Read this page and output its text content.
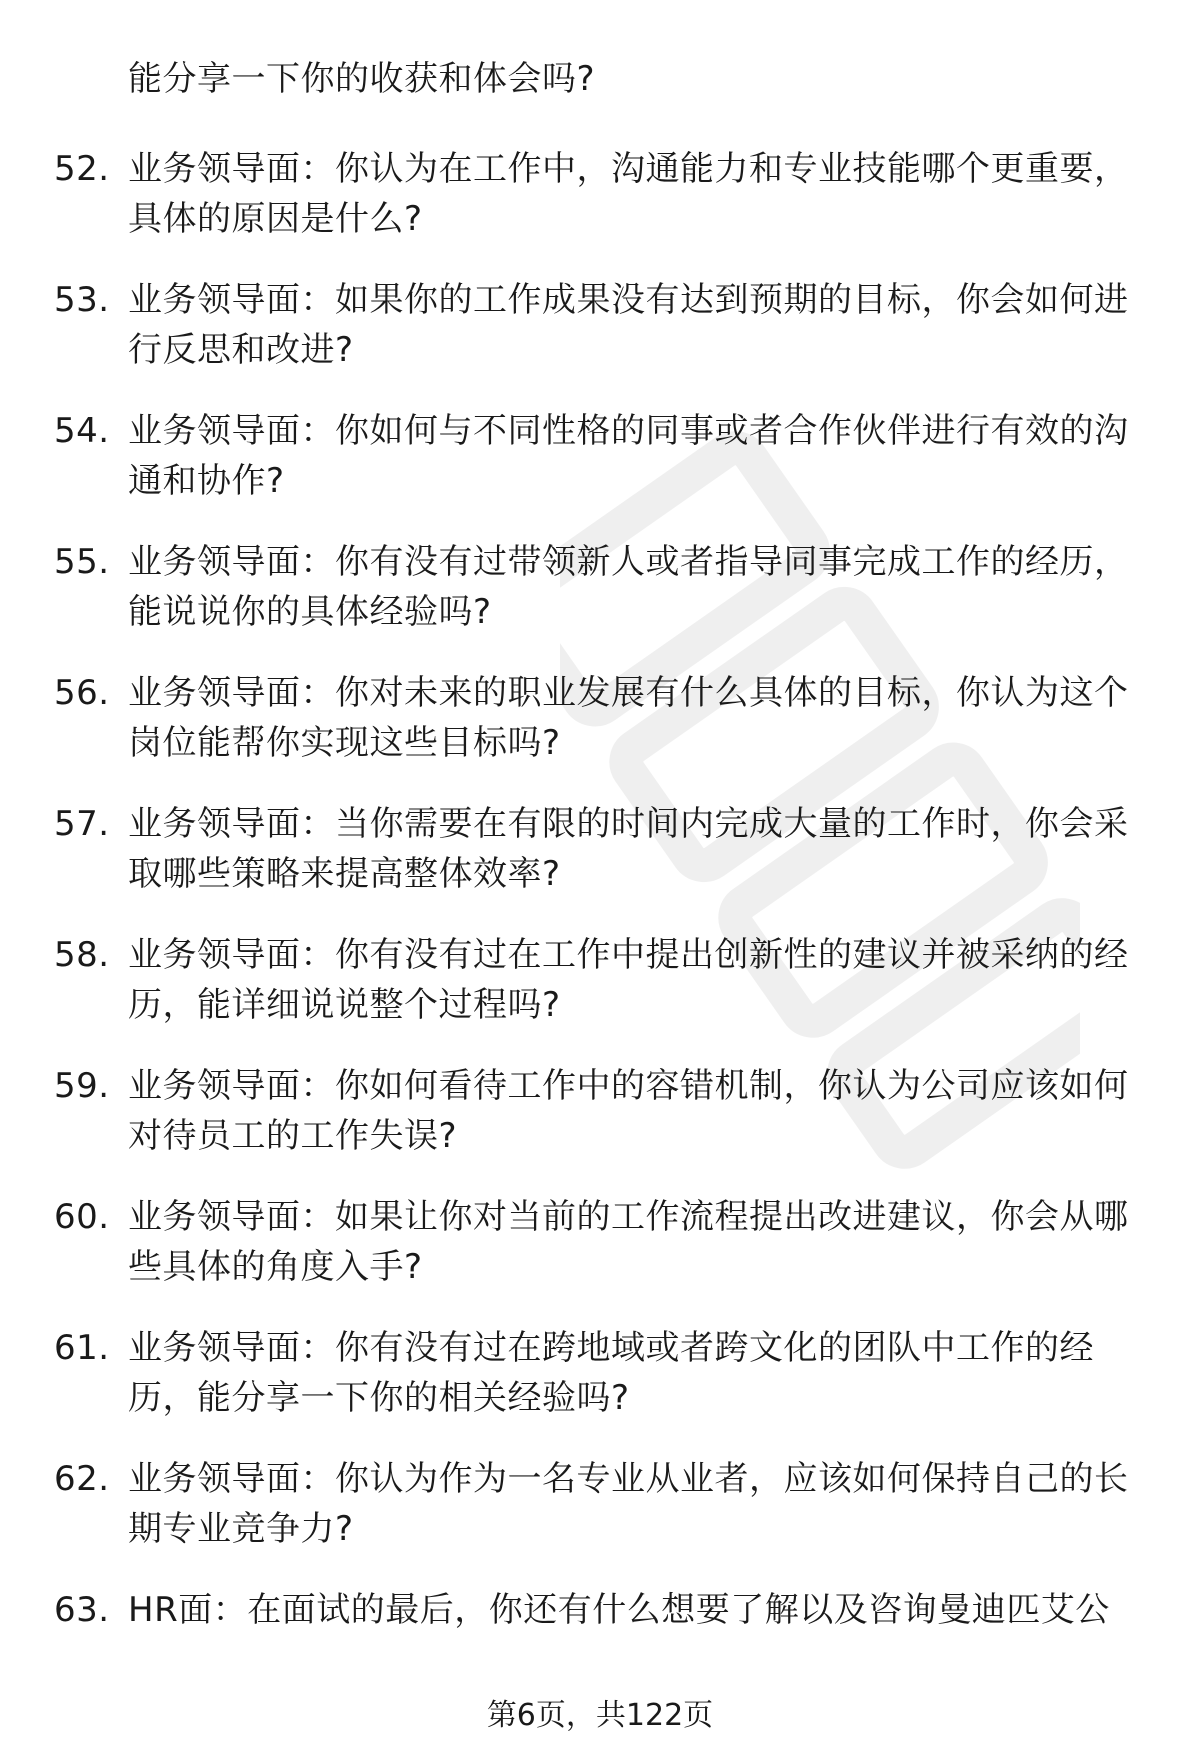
能分享一下你的收获和体会吗?
52. 业务领导面：你认为在工作中，沟通能力和专业技能哪个更重要，具体的原因是什么?
53. 业务领导面：如果你的工作成果没有达到预期的目标，你会如何进行反思和改进?
54. 业务领导面：你如何与不同性格的同事或者合作伙伴进行有效的沟通和协作?
55. 业务领导面：你有没有过带领新人或者指导同事完成工作的经历，能说说你的具体经验吗?
56. 业务领导面：你对未来的职业发展有什么具体的目标，你认为这个岗位能帮你实现这些目标吗?
57. 业务领导面：当你需要在有限的时间内完成大量的工作时，你会采取哪些策略来提高整体效率?
58. 业务领导面：你有没有过在工作中提出创新性的建议并被采纳的经历，能详细说说整个过程吗?
59. 业务领导面：你如何看待工作中的容错机制，你认为公司应该如何对待员工的工作失误?
60. 业务领导面：如果让你对当前的工作流程提出改进建议，你会从哪些具体的角度入手?
61. 业务领导面：你有没有过在跨地域或者跨文化的团队中工作的经历，能分享一下你的相关经验吗?
62. 业务领导面：你认为作为一名专业从业者，应该如何保持自己的长期专业竞争力?
63. HR面：在面试的最后，你还有什么想要了解以及咨询曼迪匹艾公
第6页，共122页
